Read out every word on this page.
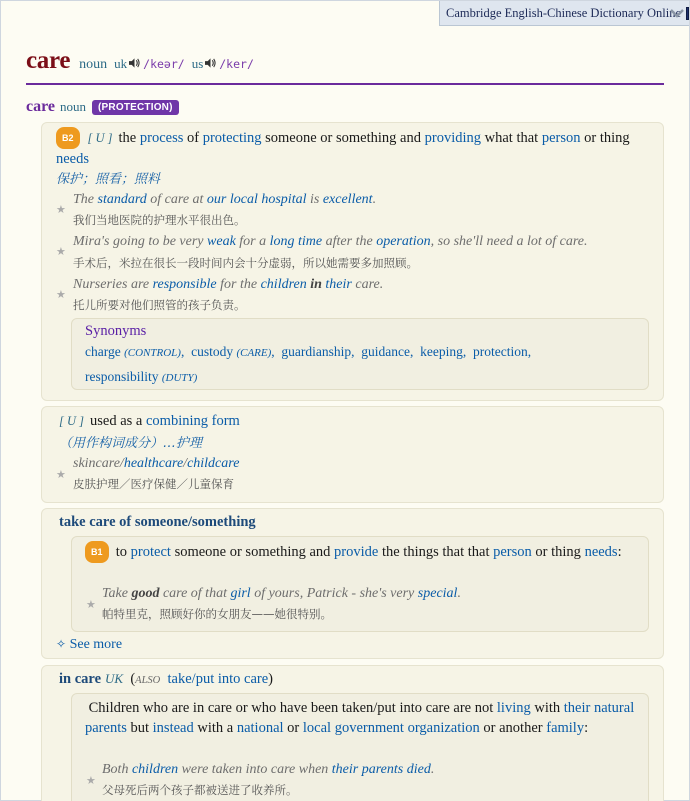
Cambridge English-Chinese Dictionary Online
care noun uk /keər/ us /ker/
care noun	(PROTECTION)
B2 [ U ] the process of protecting someone or something and providing what that person or thing needs
保护；照看；照料
★
The standard of care at our local hospital is excellent.
我们当地医院的护理水平很出色。
★
Mira's going to be very weak for a long time after the operation, so she'll need a lot of care.
手术后，米拉在很长一段时间内会十分虚弱，所以她需要多加照顾。
★
Nurseries are responsible for the children in their care.
托儿所要对他们照管的孩子负责。
Synonyms
charge (CONTROL),  custody (CARE),  guardianship,  guidance,  keeping,  protection,
responsibility (DUTY)
[ U ] used as a combining form
（用作构词成分）…护理
★
skincare/healthcare/childcare
皮肤护理／医疗保健／儿童保育
take care of someone/something
B1 to protect someone or something and provide the things that that person or thing needs:
★
Take good care of that girl of yours, Patrick - she's very special.
帕特里克，照顾好你的女朋友——她很特别。
✧ See more
in care UK  (ALSO take/put into care)
Children who are in care or who have been taken/put into care are not living with their natural parents but instead with a national or local government organization or another family:
★
Both children were taken into care when their parents died.
父母死后两个孩子都被送进了收养所。
